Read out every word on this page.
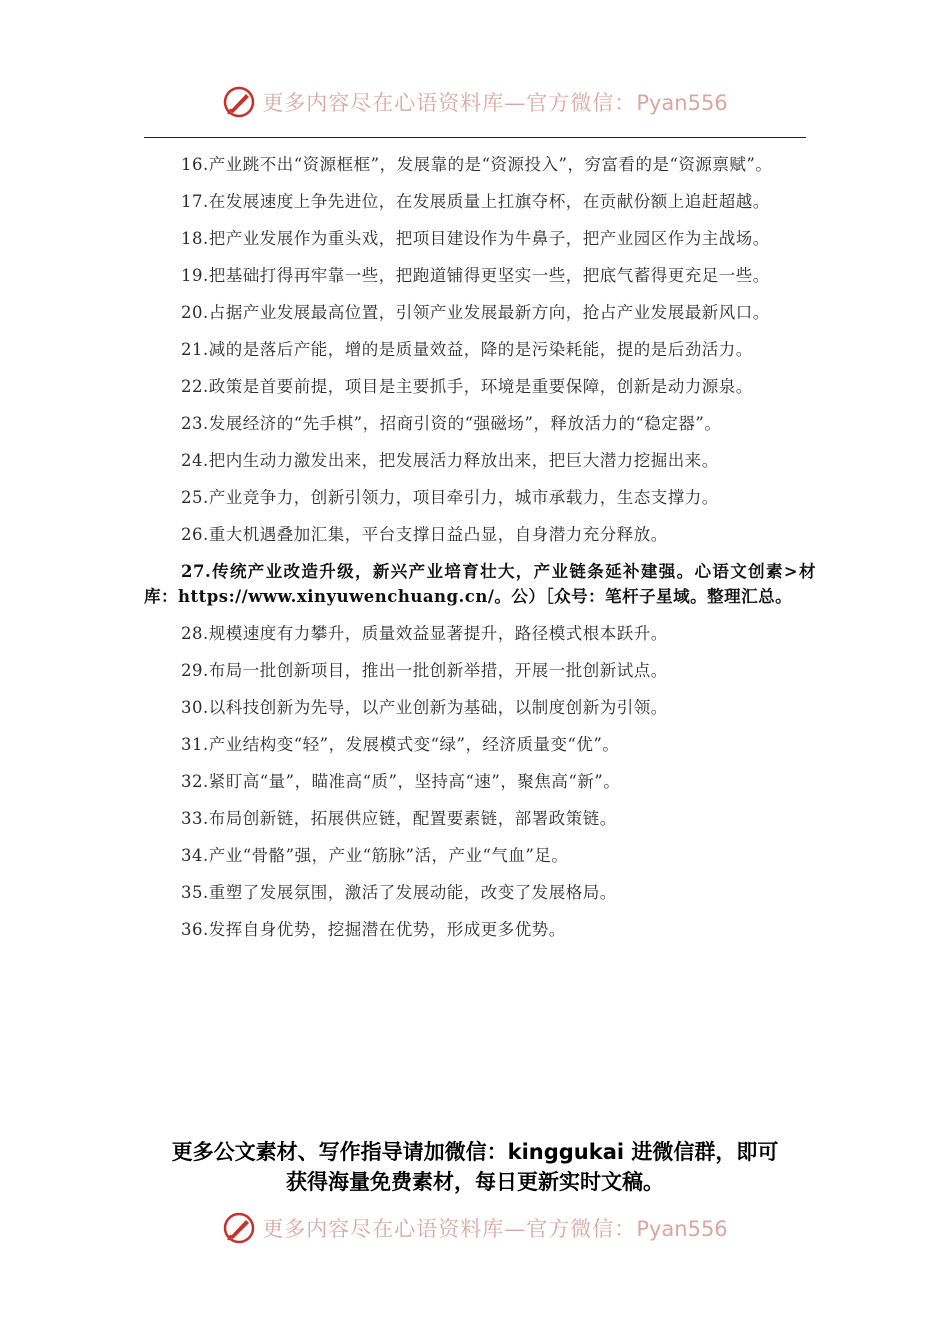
更多内容尽在心语资料库—官方微信：Pyan556

16.产业跳不出“资源框框”，发展靠的是“资源投入”，穷富看的是“资源禀赋”。

17.在发展速度上争先进位，在发展质量上扛旗夺杯，在贡献份额上追赶超越。

18.把产业发展作为重头戏，把项目建设作为牛鼻子，把产业园区作为主战场。

19.把基础打得再牢靠一些，把跑道铺得更坚实一些，把底气蓄得更充足一些。

20.占据产业发展最高位置，引领产业发展最新方向，抢占产业发展最新风口。

21.减的是落后产能，增的是质量效益，降的是污染耗能，提的是后劲活力。

22.政策是首要前提，项目是主要抓手，环境是重要保障，创新是动力源泉。

23.发展经济的“先手棋”，招商引资的“强磁场”，释放活力的“稳定器”。

24.把内生动力激发出来，把发展活力释放出来，把巨大潜力挖掘出来。

25.产业竞争力，创新引领力，项目牵引力，城市承载力，生态支撑力。

26.重大机遇叠加汇集，平台支撑日益凸显，自身潜力充分释放。

27.传统产业改造升级，新兴产业培育壮大，产业链条延补建强。心语文创素>材库：https://www.xinyuwenchuang.cn/。公）［众号：笔杆子星域。整理汇总。

28.规模速度有力攀升，质量效益显著提升，路径模式根本跃升。

29.布局一批创新项目，推出一批创新举措，开展一批创新试点。

30.以科技创新为先导，以产业创新为基础，以制度创新为引领。

31.产业结构变“轻”，发展模式变“绿”，经济质量变“优”。

32.紧盯高“量”，瞄准高“质”，坚持高“速”，聚焦高“新”。

33.布局创新链，拓展供应链，配置要素链，部署政策链。

34.产业“骨骼”强，产业“筋脉”活，产业“气血”足。

35.重塑了发展氛围，激活了发展动能，改变了发展格局。

36.发挥自身优势，挖掘潜在优势，形成更多优势。

更多公文素材、写作指导请加微信：kinggukai 进微信群，即可
获得海量免费素材，每日更新实时文稿。
更多内容尽在心语资料库—官方微信：Pyan556
